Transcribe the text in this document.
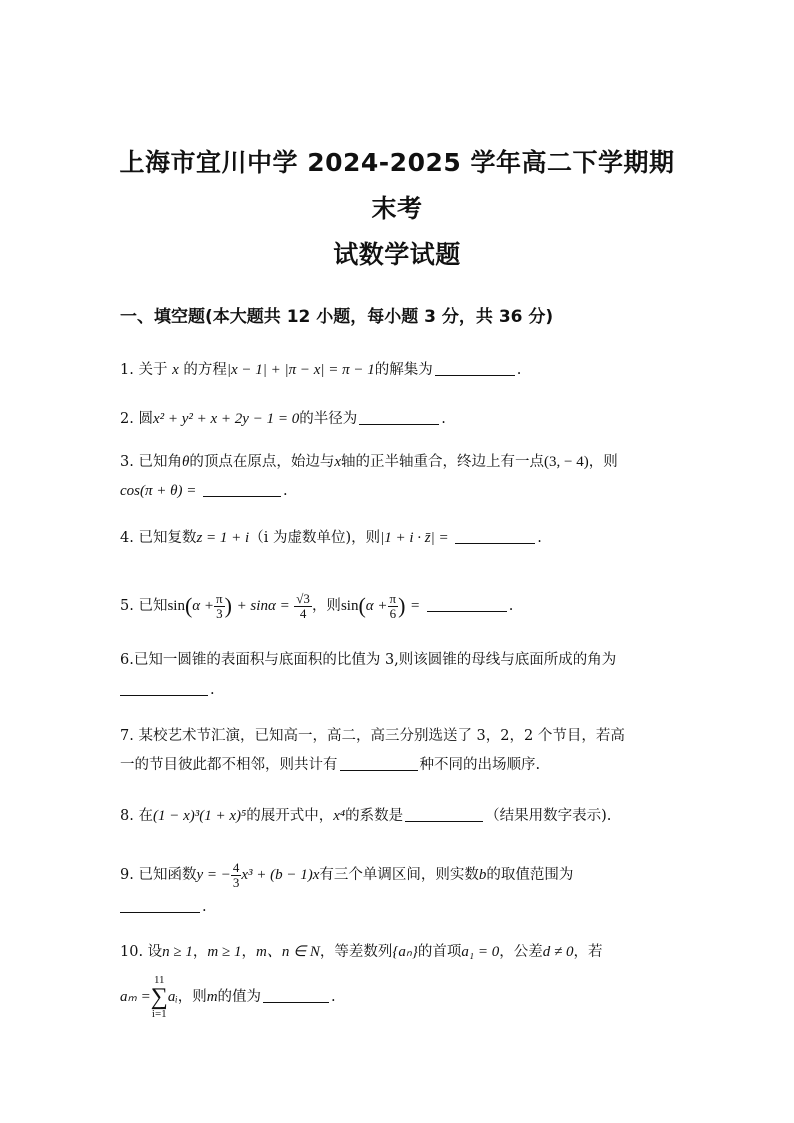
上海市宜川中学 2024-2025 学年高二下学期期末考
试数学试题
一、填空题(本大题共 12 小题，每小题 3 分，共 36 分)
1. 关于 x 的方程|x − 1| + |π − x| = π − 1的解集为	.
2. 圆x² + y² + x + 2y − 1 = 0的半径为	.
3. 已知角θ的顶点在原点，始边与x轴的正半轴重合，终边上有一点(3, − 4)，则
cos(π + θ) =	.
4. 已知复数z = 1 + i（i 为虚数单位)，则|1 + i · z̄| =	.
5. 已知$\sin(\alpha + \frac{\pi}{3}$ ) + $\sin\alpha = \frac{√3}{4}$ ，则$\sin(\alpha + \frac{\pi}{6}$ ) =	.
6.已知一圆锥的表面积与底面积的比值为 3,则该圆锥的母线与底面所成的角为
.
7. 某校艺术节汇演，已知高一，高二，高三分别选送了 3，2，2 个节目，若高
一的节目彼此都不相邻，则共计有	种不同的出场顺序.
8. 在(1 − x)³(1 + x)⁵的展开式中，x⁴的系数是	（结果用数字表示).
9. 已知函数y = − $\frac{4}{3} x^3 + (b - 1)x$有三个单调区间，则实数b的取值范围为
.
10. 设n ≥ 1，m ≥ 1，m、n ∈ N，等差数列{aₙ}的首项a₁ = 0，公差d ≠ 0，若
aₘ =
11
∑
i=1
aᵢ，则m的值为	.
